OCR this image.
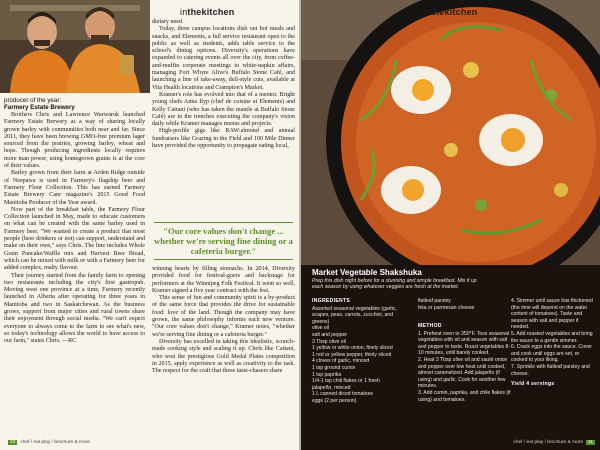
inthekitchen
producer of the year:
Farmery Estate Brewery

Brothers Chris and Lawrence Warwaruk launched Farmery Estate Brewery as a way of sharing locally grown barley with communities both near and far. Since 2011, they have been brewing GMO-free premium lager sourced from the prairies, growing barley, wheat and hops. Though producing ingredients locally requires more man power, using homegrown grains is at the core of their values.

Barley grown from their farm at Arden Ridge outside of Neepawa is used in Farmery's flagship beer and Farmery Flour Collection. This has earned Farmery Estate Brewery Canr magazine's 2015 Good Food Manitoba Producer of the Year award.

Now part of the breakfast table, the Farmery Flour Collection launched in May, made to educate customers on what can be created with the same barley used in Farmery beer. "We wanted to create a product that most people (beer drinkers or not) can support, understand and make on their own," says Chris. The line includes Whole Grain Pancake/Waffle mix and Harvest Beer Bread, which can be mixed with milk or with a Farmery beer for added complex, malty flavour.

Their journey started from the family farm to opening two restaurants including the city's first gastropub. Moving west one province at a time, Farmery recently launched in Alberta after operating for three years in Manitoba and two in Saskatchewan. As the business grows, support from major cities and rural towns share their enjoyment through social media. "We can't expect everyone to always come to the farm to see what's new, so today's technology allows the world to have access to our farm," states Chris. —RC

dietary need.

Today, three campus locations dish out hot meals and snacks, and Elements, a full service restaurant open to the public as well as students, adds table service to the school's dining options. Diversity's operations have expanded to catering events all over the city, from coffee-and-muffin corporate meetings to white-napkin affairs, managing Fort Whyte Alive's Buffalo Stone Café, and launching a line of take-away, deli-style cuts, available at Vita Health locations and Crampton's Market.

Kramer's role has evolved into that of a mentor. Bright young chefs Anna Ilyp (chef de cuisine at Elements) and Kelly Cattani (who has taken the mantle at Buffalo Stone Café) are in the trenches executing the company's vision daily while Kramer manages menus and projects.

High-profile gigs like RAW:almond and annual fundraisers like Grazing in the Field and 100 Mile Dinner have provided the opportunity to propagate eating local,

"Our core values don't change ... whether we're serving fine dining or a cafeteria burger."

winning hearts by filling stomachs. In 2014, Diversity provided food for festival-goers and backstage for performers at the Winnipeg Folk Festival. It went so well, Kramer signed a five year contract with the fest.

This sense of fun and community spirit is a by-product of the same force that provides the drive for sustainable food: love of the land. Though the company may have grown, the same philosophy informs each new venture. "Our core values don't change," Kramer notes, "whether we're serving fine dining or a cafeteria burger."

Diversity has excelled in taking this idealistic, scratch-made cooking style and scaling it up. Chefs like Cattani, who won the prestigious Gold Medal Plates competition in 2015, apply experience as well as creativity to the task. The respect for the craft that these taste-chasers share

10 chef / eat play / brochure & more
inthekitchen
Market Vegetable Shakshuka
Prep this dish night before for a stunning and simple breakfast. Mix it up each season by using whatever veggies are fresh at the market.
INGREDIENTS
Assorted seasonal vegetables (garlic, scapes, peas, carrots, zucchini, and greens)
olive oil
salt and pepper
3 Tbsp olive oil
1 yellow or white onion, finely sliced
1 red or yellow pepper, thinly sliced
4 cloves of garlic, minced
1 tsp ground cumin
1 tsp paprika
1/4-1 tsp chili flakes or 1 fresh jalapeño, minced
1 L canned diced tomatoes
eggs (2 per person)
flatleaf parsley
feta or parmesan cheese
METHOD
1. Preheat oven to 350°F. Toss seasonal vegetables with oil and season with salt and pepper to taste. Roast vegetables 8-10 minutes, until barely cooked.
2. Heat 3 Tbsp olive oil and sauté onion and pepper over low heat until cooked, almost caramelized. Add jalapeño (if using) and garlic. Cook for another few minutes.
3. Add cumin, paprika, and chile flakes (if using) and tomatoes.
4. Simmer until sauce has thickened (the time will depend on the water content of tomatoes). Taste and season with salt and pepper if needed.
5. Add roasted vegetables and bring the sauce to a gentle simmer.
6. Crack eggs into the sauce. Cover and cook until eggs are set, or cooked to your liking.
7. Sprinkle with flatleaf parsley and cheese.
Yield 4 servings
chef / eat play / brochure & more 11
